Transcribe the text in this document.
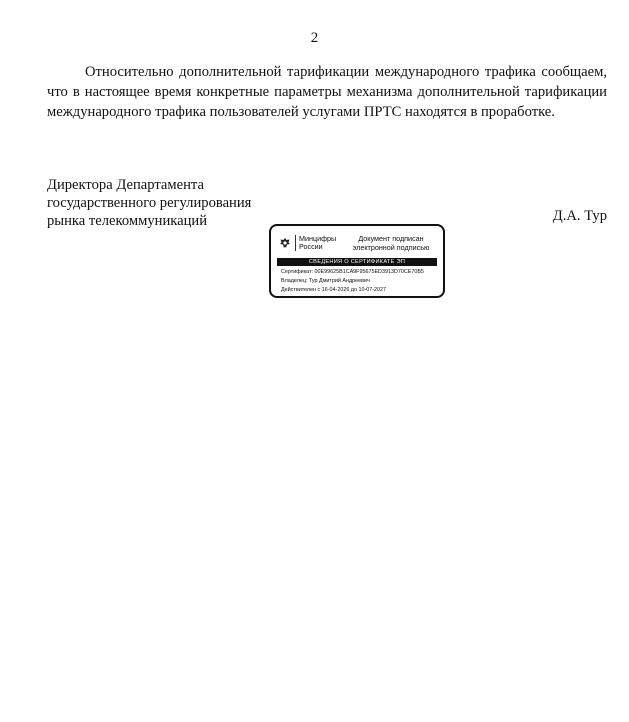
2
Относительно дополнительной тарификации международного трафика сообщаем, что в настоящее время конкретные параметры механизма дополнительной тарификации международного трафика пользователей услугами ПРТС находятся в проработке.
Директора Департамента
государственного регулирования
рынка телекоммуникаций	Д.А. Тур
Минцифры
России
Документ подписан
электронной подписью
СВЕДЕНИЯ О СЕРТИФИКАТЕ ЭП
Сертификат: 00E99625B1CA9F95675ED3913D70CE70B5
Владелец: Тур Дмитрий Андреевич
Действителен с 16-04-2026 до 10-07-2027
